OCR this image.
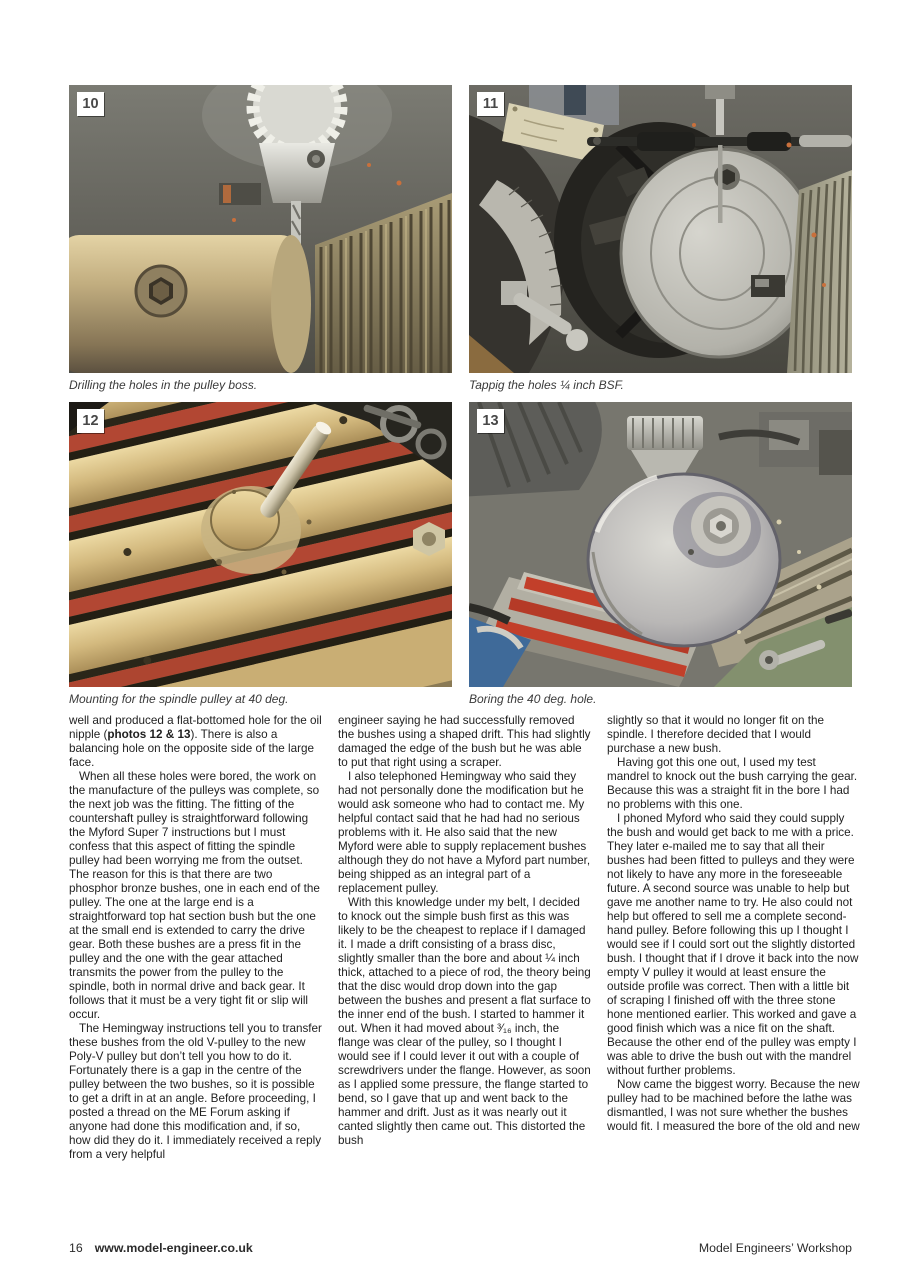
10
Drilling the holes in the pulley boss.
11
Tappig the holes ¼ inch BSF.
12
Mounting for the spindle pulley at 40 deg.
13
Boring the 40 deg. hole.

well and produced a flat-bottomed hole for the oil nipple (photos 12 & 13). There is also a balancing hole on the opposite side of the large face.

When all these holes were bored, the work on the manufacture of the pulleys was complete, so the next job was the fitting. The fitting of the countershaft pulley is straightforward following the Myford Super 7 instructions but I must confess that this aspect of fitting the spindle pulley had been worrying me from the outset. The reason for this is that there are two phosphor bronze bushes, one in each end of the pulley. The one at the large end is a straightforward top hat section bush but the one at the small end is extended to carry the drive gear. Both these bushes are a press fit in the pulley and the one with the gear attached transmits the power from the pulley to the spindle, both in normal drive and back gear. It follows that it must be a very tight fit or slip will occur.

The Hemingway instructions tell you to transfer these bushes from the old V-pulley to the new Poly-V pulley but don’t tell you how to do it. Fortunately there is a gap in the centre of the pulley between the two bushes, so it is possible to get a drift in at an angle. Before proceeding, I posted a thread on the ME Forum asking if anyone had done this modification and, if so, how did they do it. I immediately received a reply from a very helpful

engineer saying he had successfully removed the bushes using a shaped drift. This had slightly damaged the edge of the bush but he was able to put that right using a scraper.

I also telephoned Hemingway who said they had not personally done the modification but he would ask someone who had to contact me. My helpful contact said that he had had no serious problems with it. He also said that the new Myford were able to supply replacement bushes although they do not have a Myford part number, being shipped as an integral part of a replacement pulley.

With this knowledge under my belt, I decided to knock out the simple bush first as this was likely to be the cheapest to replace if I damaged it. I made a drift consisting of a brass disc, slightly smaller than the bore and about ¼ inch thick, attached to a piece of rod, the theory being that the disc would drop down into the gap between the bushes and present a flat surface to the inner end of the bush. I started to hammer it out. When it had moved about ³⁄₁₆ inch, the flange was clear of the pulley, so I thought I would see if I could lever it out with a couple of screwdrivers under the flange. However, as soon as I applied some pressure, the flange started to bend, so I gave that up and went back to the hammer and drift. Just as it was nearly out it canted slightly then came out. This distorted the bush

slightly so that it would no longer fit on the spindle. I therefore decided that I would purchase a new bush.

Having got this one out, I used my test mandrel to knock out the bush carrying the gear. Because this was a straight fit in the bore I had no problems with this one.

I phoned Myford who said they could supply the bush and would get back to me with a price. They later e-mailed me to say that all their bushes had been fitted to pulleys and they were not likely to have any more in the foreseeable future. A second source was unable to help but gave me another name to try. He also could not help but offered to sell me a complete second-hand pulley. Before following this up I thought I would see if I could sort out the slightly distorted bush. I thought that if I drove it back into the now empty V pulley it would at least ensure the outside profile was correct. Then with a little bit of scraping I finished off with the three stone hone mentioned earlier. This worked and gave a good finish which was a nice fit on the shaft. Because the other end of the pulley was empty I was able to drive the bush out with the mandrel without further problems.

Now came the biggest worry. Because the new pulley had to be machined before the lathe was dismantled, I was not sure whether the bushes would fit. I measured the bore of the old and new

16 www.model-engineer.co.uk	Model Engineers’ Workshop
